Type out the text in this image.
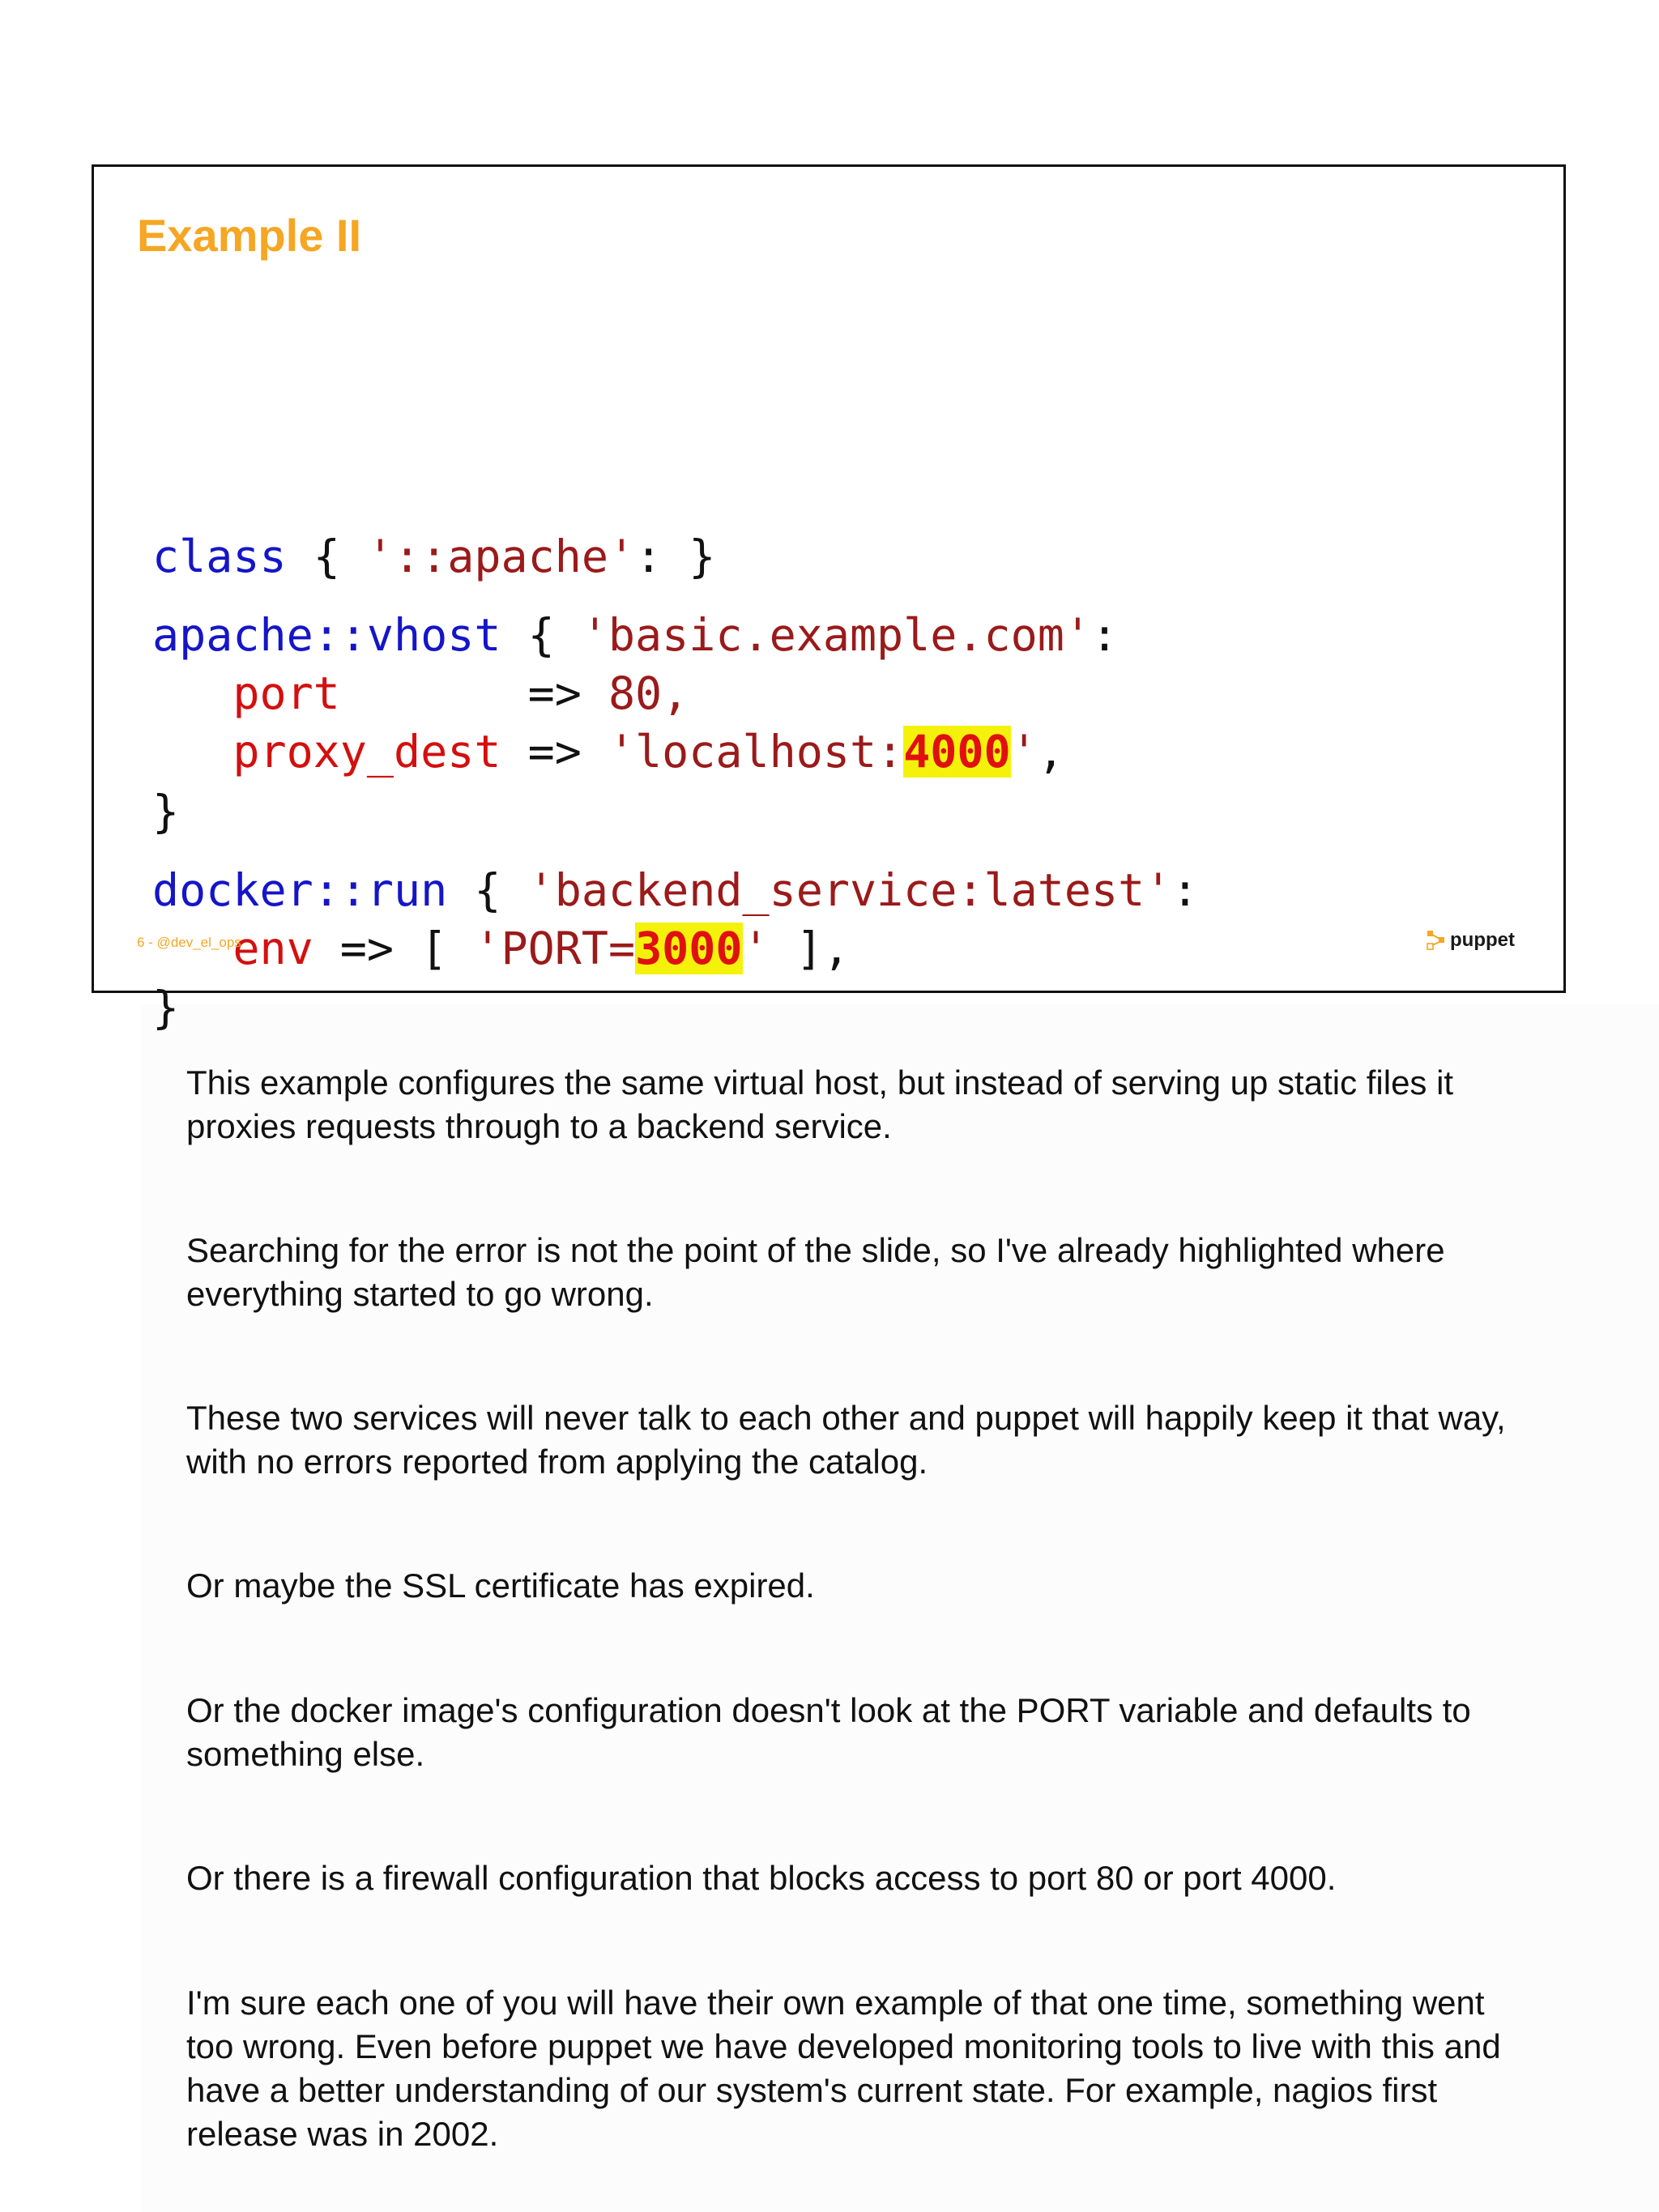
Example II

class { '::apache': }

apache::vhost { 'basic.example.com':

port       => 80,

proxy_dest => 'localhost:4000',

}

docker::run { 'backend_service:latest':

env => [ 'PORT=3000' ],

}

6 - @dev_el_ops	puppet

This example configures the same virtual host, but instead of serving up static files it proxies requests through to a backend service.

Searching for the error is not the point of the slide, so I've already highlighted where everything started to go wrong.

These two services will never talk to each other and puppet will happily keep it that way, with no errors reported from applying the catalog.

Or maybe the SSL certificate has expired.

Or the docker image's configuration doesn't look at the PORT variable and defaults to something else.

Or there is a firewall configuration that blocks access to port 80 or port 4000.

I'm sure each one of you will have their own example of that one time, something went too wrong. Even before puppet we have developed monitoring tools to live with this and have a better understanding of our system's current state. For example, nagios first release was in 2002.
